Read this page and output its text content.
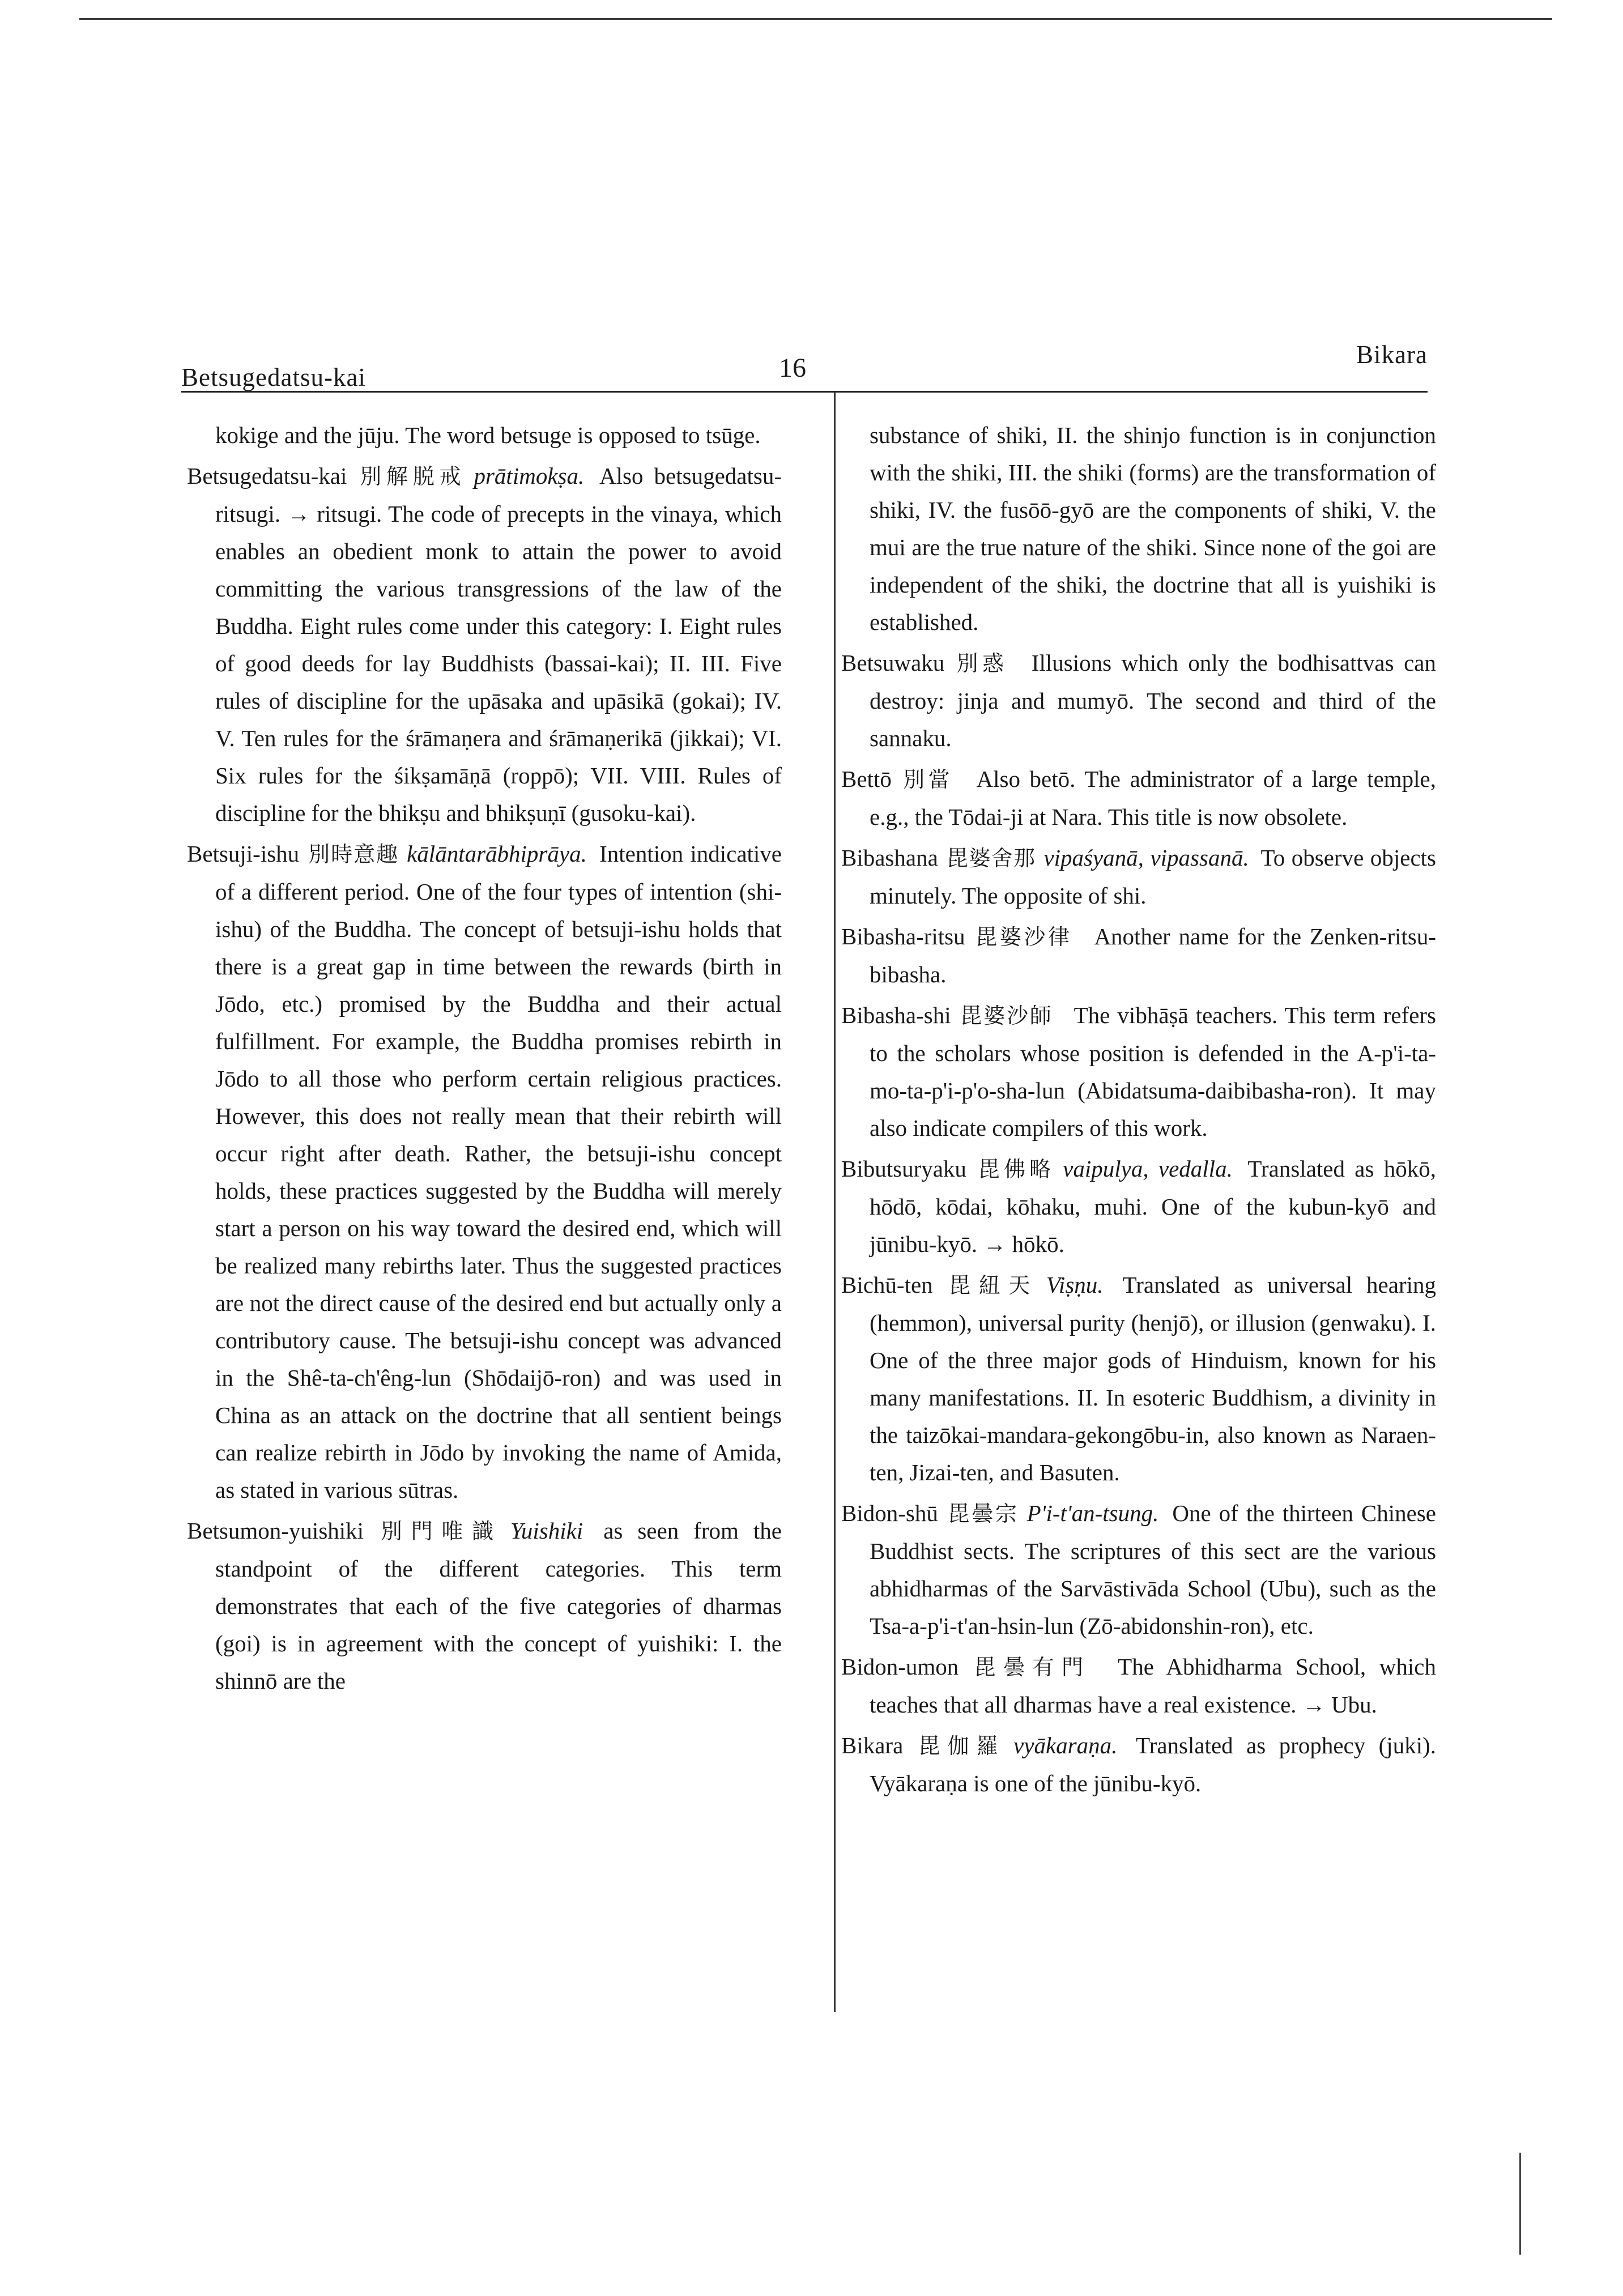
Betsugedatsu-kai	16	Bikara

kokige and the jūju. The word betsuge is opposed to tsūge.

Betsugedatsu-kai 別解脱戒 prātimokṣa. Also betsugedatsu-ritsugi. → ritsugi. The code of precepts in the vinaya, which enables an obedient monk to attain the power to avoid committing the various transgressions of the law of the Buddha. Eight rules come under this category: I. Eight rules of good deeds for lay Buddhists (bassai-kai); II. III. Five rules of discipline for the upāsaka and upāsikā (gokai); IV. V. Ten rules for the śrāmaṇera and śrāmaṇerikā (jikkai); VI. Six rules for the śikṣamāṇā (roppō); VII. VIII. Rules of discipline for the bhikṣu and bhikṣuṇī (gusoku-kai).

Betsuji-ishu 別時意趣 kālāntarābhiprāya. Intention indicative of a different period. One of the four types of intention (shi-ishu) of the Buddha. The concept of betsuji-ishu holds that there is a great gap in time between the rewards (birth in Jōdo, etc.) promised by the Buddha and their actual fulfillment. For example, the Buddha promises rebirth in Jōdo to all those who perform certain religious practices. However, this does not really mean that their rebirth will occur right after death. Rather, the betsuji-ishu concept holds, these practices suggested by the Buddha will merely start a person on his way toward the desired end, which will be realized many rebirths later. Thus the suggested practices are not the direct cause of the desired end but actually only a contributory cause. The betsuji-ishu concept was advanced in the Shê-ta-ch'êng-lun (Shōdaijō-ron) and was used in China as an attack on the doctrine that all sentient beings can realize rebirth in Jōdo by invoking the name of Amida, as stated in various sūtras.

Betsumon-yuishiki 別門唯識 Yuishiki as seen from the standpoint of the different categories. This term demonstrates that each of the five categories of dharmas (goi) is in agreement with the concept of yuishiki: I. the shinnō are the

substance of shiki, II. the shinjo function is in conjunction with the shiki, III. the shiki (forms) are the transformation of shiki, IV. the fusōō-gyō are the components of shiki, V. the mui are the true nature of the shiki. Since none of the goi are independent of the shiki, the doctrine that all is yuishiki is established.

Betsuwaku 別惑 Illusions which only the bodhisattvas can destroy: jinja and mumyō. The second and third of the sannaku.

Bettō 別當 Also betō. The administrator of a large temple, e.g., the Tōdai-ji at Nara. This title is now obsolete.

Bibashana 毘婆舍那 vipaśyanā, vipassanā. To observe objects minutely. The opposite of shi.

Bibasha-ritsu 毘婆沙律 Another name for the Zenken-ritsu-bibasha.

Bibasha-shi 毘婆沙師 The vibhāṣā teachers. This term refers to the scholars whose position is defended in the A-p'i-ta-mo-ta-p'i-p'o-sha-lun (Abidatsuma-daibibasha-ron). It may also indicate compilers of this work.

Bibutsuryaku 毘佛略 vaipulya, vedalla. Translated as hōkō, hōdō, kōdai, kōhaku, muhi. One of the kubun-kyō and jūnibu-kyō. → hōkō.

Bichū-ten 毘紐天 Viṣṇu. Translated as universal hearing (hemmon), universal purity (henjō), or illusion (genwaku). I. One of the three major gods of Hinduism, known for his many manifestations. II. In esoteric Buddhism, a divinity in the taizōkai-mandara-gekongōbu-in, also known as Naraen-ten, Jizai-ten, and Basuten.

Bidon-shū 毘曇宗 P'i-t'an-tsung. One of the thirteen Chinese Buddhist sects. The scriptures of this sect are the various abhidharmas of the Sarvāstivāda School (Ubu), such as the Tsa-a-p'i-t'an-hsin-lun (Zō-abidonshin-ron), etc.

Bidon-umon 毘曇有門 The Abhidharma School, which teaches that all dharmas have a real existence. → Ubu.

Bikara 毘伽羅 vyākaraṇa. Translated as prophecy (juki). Vyākaraṇa is one of the jūnibu-kyō.
